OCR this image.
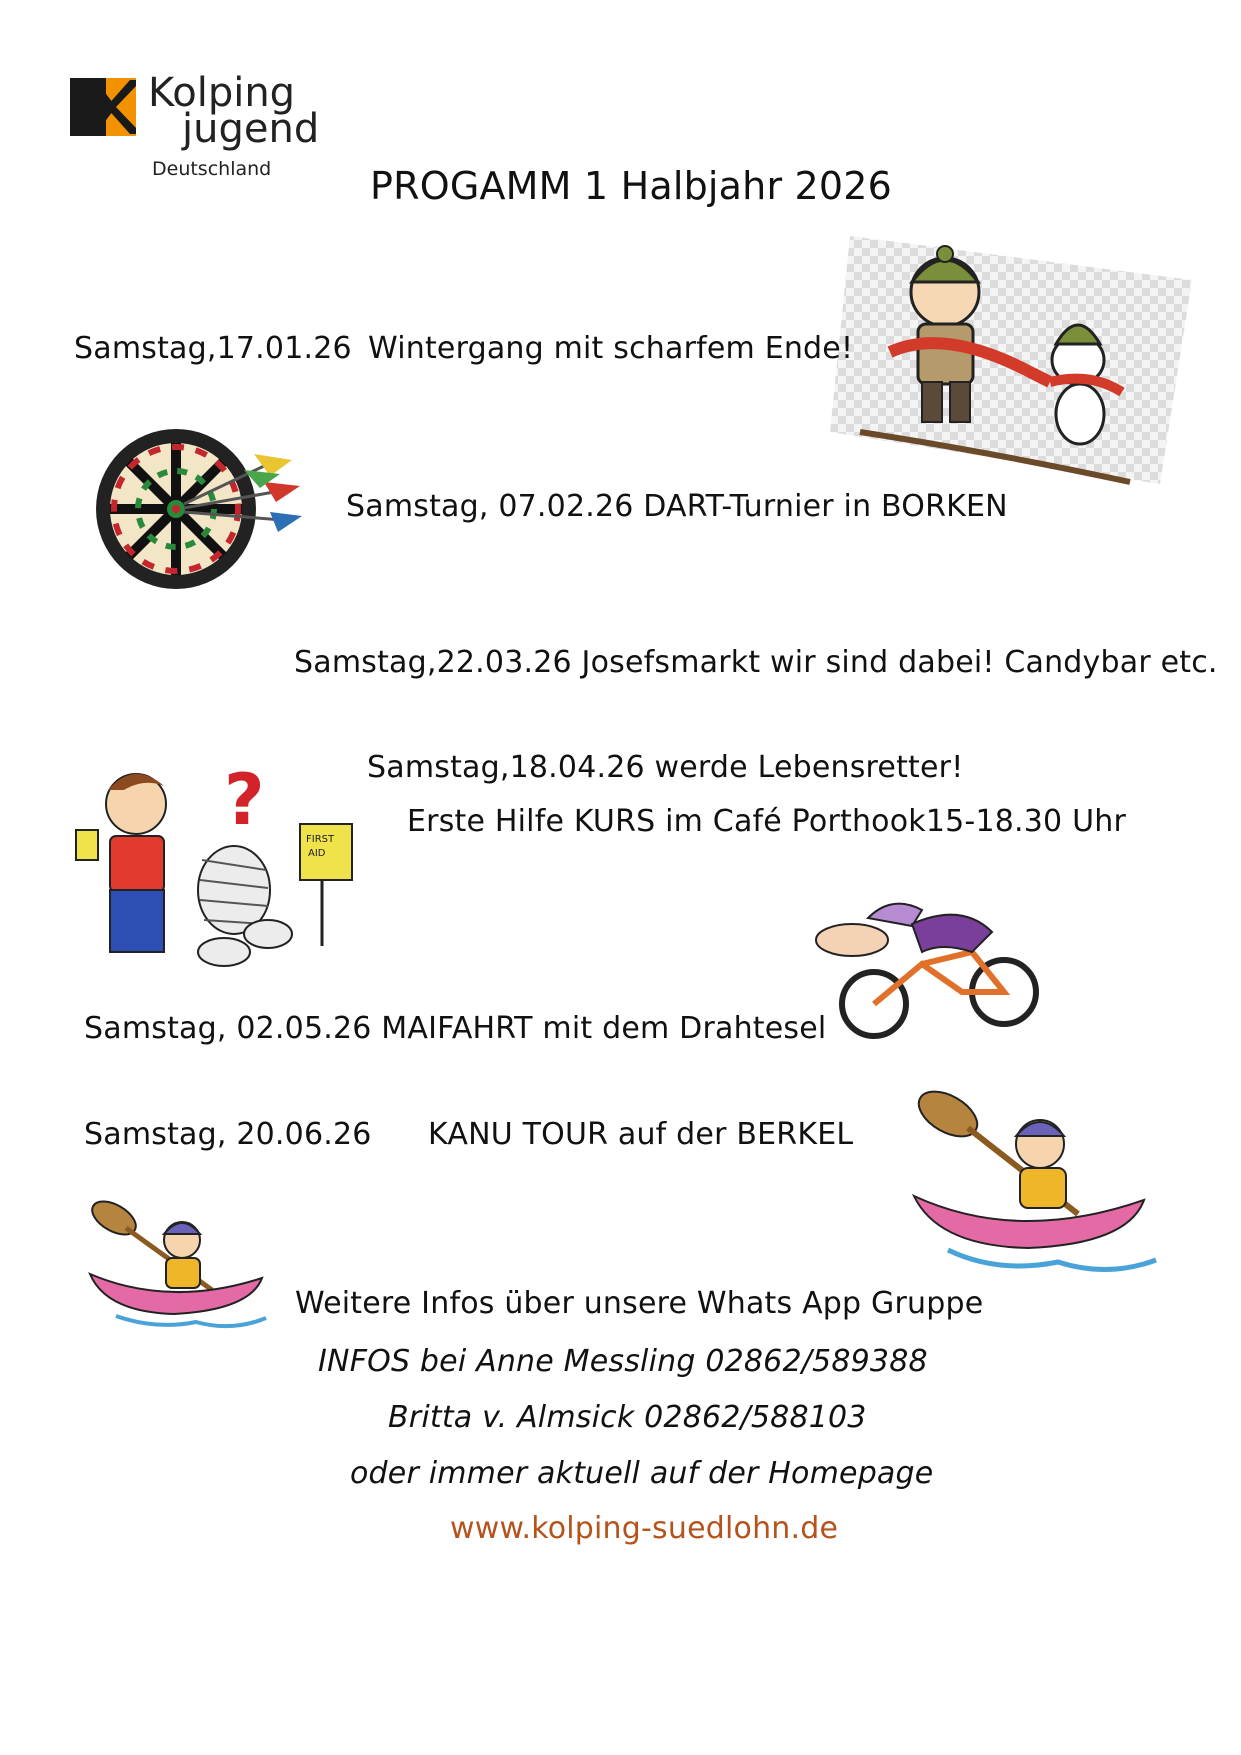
Kolping
jugend
Deutschland	PROGAMM 1 Halbjahr 2026
Samstag,17.01.26 Wintergang mit scharfem Ende!
Samstag, 07.02.26 DART-Turnier in BORKEN
Samstag,22.03.26 Josefsmarkt wir sind dabei! Candybar etc.
?	FIRST
AID
Samstag,18.04.26 werde Lebensretter!
Erste Hilfe KURS im Café Porthook15-18.30 Uhr
Samstag, 02.05.26 MAIFAHRT mit dem Drahtesel
Samstag, 20.06.26 KANU TOUR auf der BERKEL
Weitere Infos über unsere Whats App Gruppe
INFOS bei Anne Messling 02862/589388
Britta v. Almsick 02862/588103
oder immer aktuell auf der Homepage
www.kolping-suedlohn.de
